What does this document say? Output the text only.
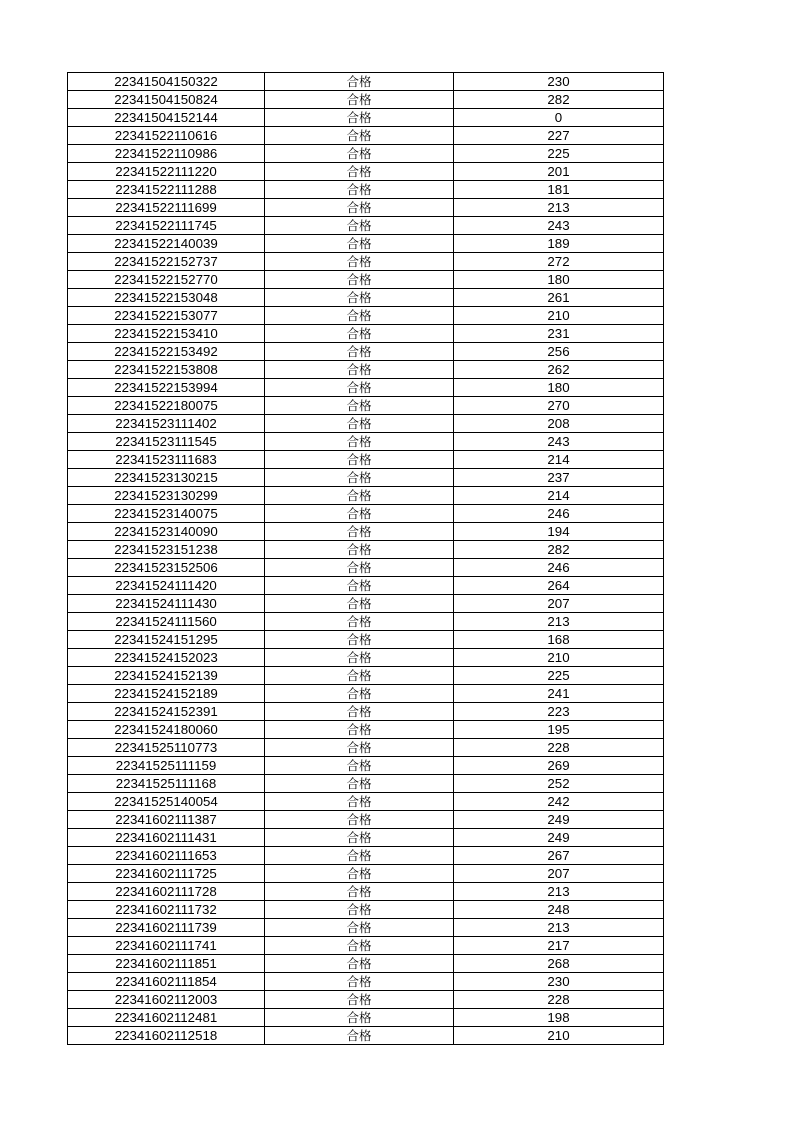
22341504150322	合格	230
22341504150824	合格	282
22341504152144	合格	0
22341522110616	合格	227
22341522110986	合格	225
22341522111220	合格	201
22341522111288	合格	181
22341522111699	合格	213
22341522111745	合格	243
22341522140039	合格	189
22341522152737	合格	272
22341522152770	合格	180
22341522153048	合格	261
22341522153077	合格	210
22341522153410	合格	231
22341522153492	合格	256
22341522153808	合格	262
22341522153994	合格	180
22341522180075	合格	270
22341523111402	合格	208
22341523111545	合格	243
22341523111683	合格	214
22341523130215	合格	237
22341523130299	合格	214
22341523140075	合格	246
22341523140090	合格	194
22341523151238	合格	282
22341523152506	合格	246
22341524111420	合格	264
22341524111430	合格	207
22341524111560	合格	213
22341524151295	合格	168
22341524152023	合格	210
22341524152139	合格	225
22341524152189	合格	241
22341524152391	合格	223
22341524180060	合格	195
22341525110773	合格	228
22341525111159	合格	269
22341525111168	合格	252
22341525140054	合格	242
22341602111387	合格	249
22341602111431	合格	249
22341602111653	合格	267
22341602111725	合格	207
22341602111728	合格	213
22341602111732	合格	248
22341602111739	合格	213
22341602111741	合格	217
22341602111851	合格	268
22341602111854	合格	230
22341602112003	合格	228
22341602112481	合格	198
22341602112518	合格	210
